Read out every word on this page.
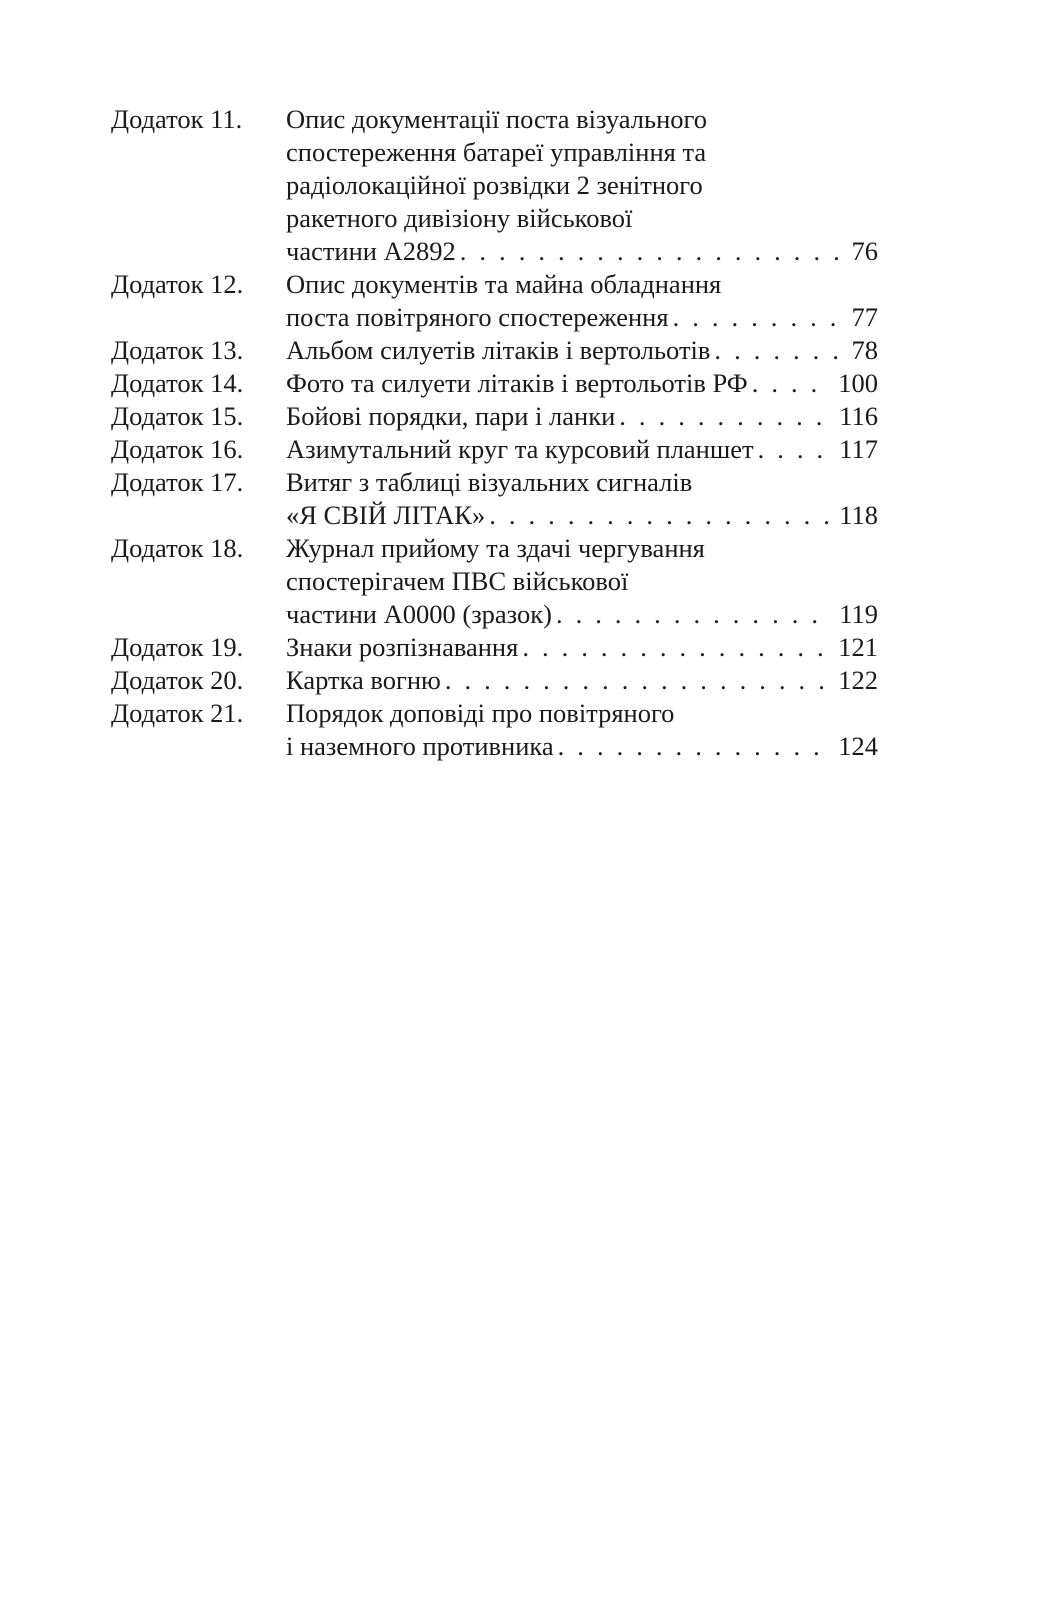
Додаток 11.	Опис документації поста візуального
спостереження батареї управління та
радіолокаційної розвідки 2 зенітного
ракетного дивізіону військової
частини А2892 . . .	76
Додаток 12.	Опис документів та майна обладнання
поста повітряного спостереження . . .	77
Додаток 13.	Альбом силуетів літаків і вертольотів . . .	78
Додаток 14.	Фото та силуети літаків і вертольотів РФ . . .	100
Додаток 15.	Бойові порядки, пари і ланки . . .	116
Додаток 16.	Азимутальний круг та курсовий планшет . . .	117
Додаток 17.	Витяг з таблиці візуальних сигналів
«Я СВІЙ ЛІТАК» . . .	118
Додаток 18.	Журнал прийому та здачі чергування
спостерігачем ПВС військової
частини А0000 (зразок) . . .	119
Додаток 19.	Знаки розпізнавання . . .	121
Додаток 20.	Картка вогню . . .	122
Додаток 21.	Порядок доповіді про повітряного
і наземного противника . . .	124
